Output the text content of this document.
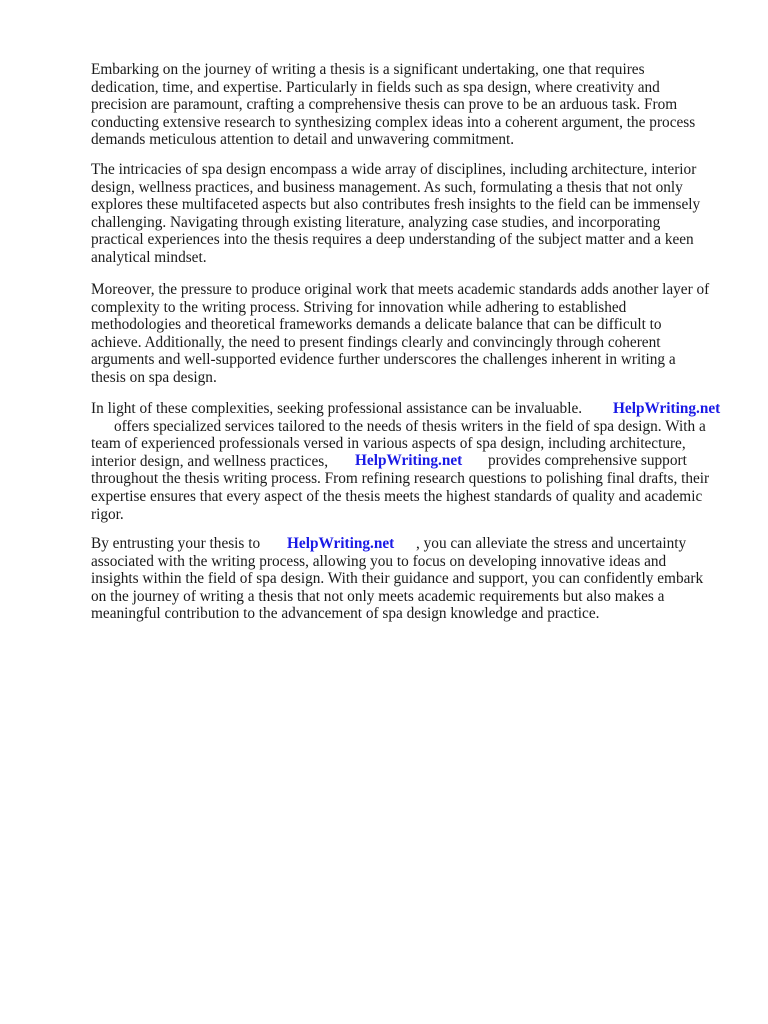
Embarking on the journey of writing a thesis is a significant undertaking, one that requires
dedication, time, and expertise. Particularly in fields such as spa design, where creativity and
precision are paramount, crafting a comprehensive thesis can prove to be an arduous task. From
conducting extensive research to synthesizing complex ideas into a coherent argument, the process
demands meticulous attention to detail and unwavering commitment.

The intricacies of spa design encompass a wide array of disciplines, including architecture, interior
design, wellness practices, and business management. As such, formulating a thesis that not only
explores these multifaceted aspects but also contributes fresh insights to the field can be immensely
challenging. Navigating through existing literature, analyzing case studies, and incorporating
practical experiences into the thesis requires a deep understanding of the subject matter and a keen
analytical mindset.

Moreover, the pressure to produce original work that meets academic standards adds another layer of
complexity to the writing process. Striving for innovation while adhering to established
methodologies and theoretical frameworks demands a delicate balance that can be difficult to
achieve. Additionally, the need to present findings clearly and convincingly through coherent
arguments and well-supported evidence further underscores the challenges inherent in writing a
thesis on spa design.

In light of these complexities, seeking professional assistance can be invaluable.
offers specialized services tailored to the needs of thesis writers in the field of spa design. With a
team of experienced professionals versed in various aspects of spa design, including architecture,
interior design, and wellness practices,
throughout the thesis writing process. From refining research questions to polishing final drafts, their
expertise ensures that every aspect of the thesis meets the highest standards of quality and academic
rigor.

By entrusting your thesis to
associated with the writing process, allowing you to focus on developing innovative ideas and
insights within the field of spa design. With their guidance and support, you can confidently embark
on the journey of writing a thesis that not only meets academic requirements but also makes a
meaningful contribution to the advancement of spa design knowledge and practice.

provides comprehensive support
, you can alleviate the stress and uncertainty
HelpWriting.net
HelpWriting.net
HelpWriting.net
